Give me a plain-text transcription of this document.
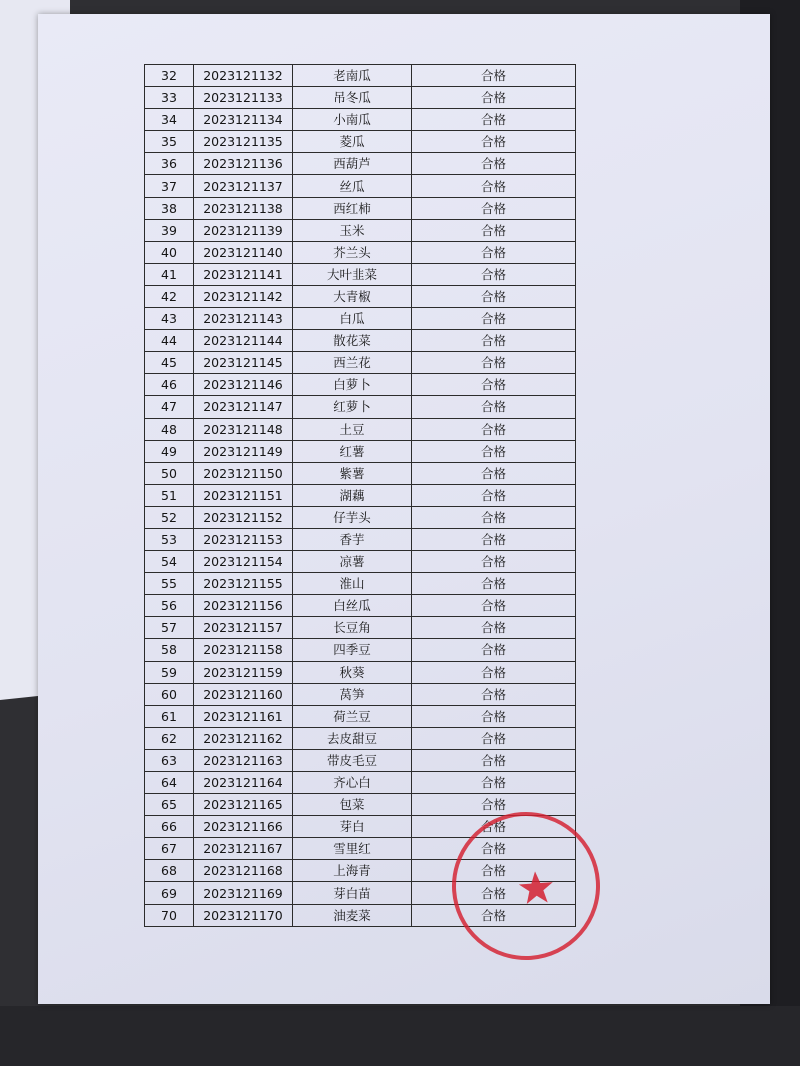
32	2023121132	老南瓜	合格
33	2023121133	吊冬瓜	合格
34	2023121134	小南瓜	合格
35	2023121135	菱瓜	合格
36	2023121136	西葫芦	合格
37	2023121137	丝瓜	合格
38	2023121138	西红柿	合格
39	2023121139	玉米	合格
40	2023121140	芥兰头	合格
41	2023121141	大叶韭菜	合格
42	2023121142	大青椒	合格
43	2023121143	白瓜	合格
44	2023121144	散花菜	合格
45	2023121145	西兰花	合格
46	2023121146	白萝卜	合格
47	2023121147	红萝卜	合格
48	2023121148	土豆	合格
49	2023121149	红薯	合格
50	2023121150	紫薯	合格
51	2023121151	湖藕	合格
52	2023121152	仔芋头	合格
53	2023121153	香芋	合格
54	2023121154	凉薯	合格
55	2023121155	淮山	合格
56	2023121156	白丝瓜	合格
57	2023121157	长豆角	合格
58	2023121158	四季豆	合格
59	2023121159	秋葵	合格
60	2023121160	莴笋	合格
61	2023121161	荷兰豆	合格
62	2023121162	去皮甜豆	合格
63	2023121163	带皮毛豆	合格
64	2023121164	齐心白	合格
65	2023121165	包菜	合格
66	2023121166	芽白	合格
67	2023121167	雪里红	合格
68	2023121168	上海青	合格
69	2023121169	芽白苗	合格
70	2023121170	油麦菜	合格
